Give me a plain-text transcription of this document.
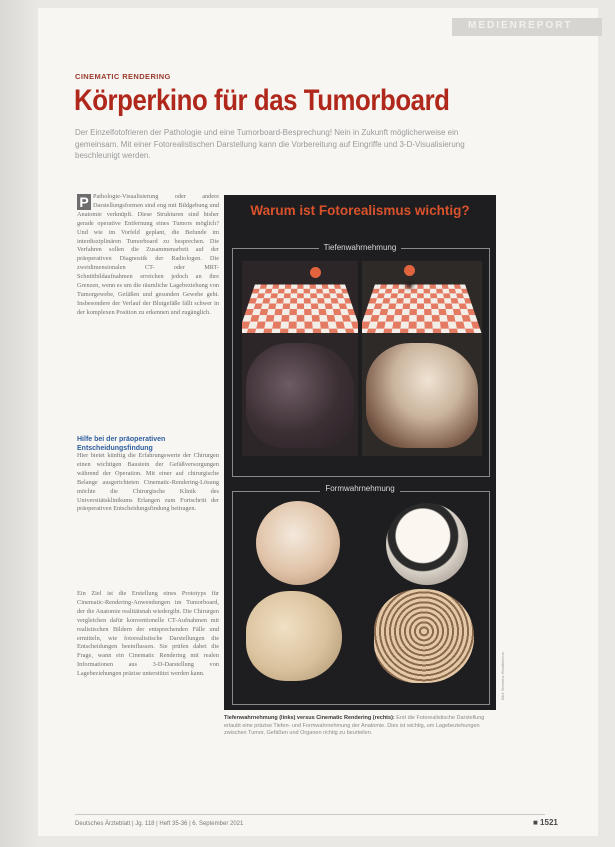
MEDIENREPORT
CINEMATIC RENDERING
Körperkino für das Tumorboard
Der Einzelfotofrieren der Pathologie und eine Tumorboard-Besprechung! Nein in Zukunft möglicherweise ein gemeinsam. Mit einer Fotorealistischen Darstellung kann die Vorbereitung auf Eingriffe und 3-D-Visualisierung beschleunigt werden.
P Pathologie-Visualisierung oder andere Darstellungsformen sind eng mit Bildgebung und Anatomie verknüpft. Diese Strukturen sind bisher gerade operative Entfernung eines Tumors möglich? Und wie im Vorfeld geplant, die Befunde im interdisziplinären Tumorboard zu besprechen. Die Verfahren sollen die Zusammenarbeit auf der präoperativen Diagnostik der Radiologen. Die zweidimensionalen CT- oder MRT-Schnittbildaufnahmen erreichen jedoch an ihre Grenzen, wenn es um die räumliche Lagebeziehung von Tumorgewebe, Gefäßen und gesunden Gewebe geht. Insbesondere der Verlauf der Blutgefäße fällt schwer in der komplexen Position zu erkennen und zugänglich.
Hilfe bei der präoperativen Entscheidungsfindung
Hier bietet künftig die Erfahrungswerte der Chirurgen einen wichtigen Baustein der Gefäßversorgungen während der Operation. Mit einer auf chirurgische Belange ausgerichteten Cinematic-Rendering-Lösung möchte die Chirurgische Klinik des Universitätsklinikums Erlangen zum Fortschritt der präoperativen Entscheidungsfindung beitragen.
Ein Ziel ist die Erstellung eines Prototyps für Cinematic-Rendering-Anwendungen im Tumorboard, der die Anatomie realitätsnah wiedergibt. Die Chirurgen vergleichen dafür konventionelle CT-Aufnahmen mit realistischen Bildern der entsprechenden Fälle und ermitteln, wie fotorealistische Darstellungen die Entscheidungen beeinflussen. Sie prüfen dabei die Frage, wann ein Cinematic Rendering mit realen Informationen aus 3-D-Darstellung von Lagebeziehungen präzise unterstützt werden kann.
Warum ist Fotorealismus wichtig?
Tiefenwahrnehmung
Formwahrnehmung
Tiefenwahrnehmung (links) versus Cinematic Rendering (rechts): Erst die Fotorealistische Darstellung erlaubt eine präzise Tiefen- und Formwahrnehmung der Anatomie. Dies ist wichtig, um Lagebeziehungen zwischen Tumor, Gefäßen und Organen richtig zu beurteilen.
Bild: Siemens Healthineers
Deutsches Ärzteblatt | Jg. 118 | Heft 35-36 | 6. September 2021	■ 1521
